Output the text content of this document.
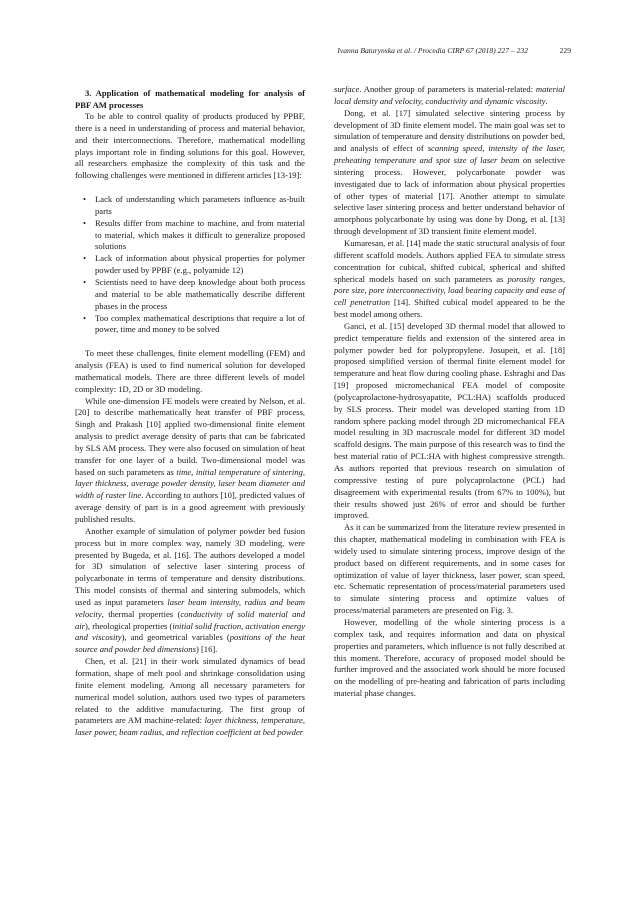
Ivanna Baturynska et al. / Procedia CIRP 67 (2018) 227 – 232	229

3. Application of mathematical modeling for analysis of PBF AM processes

To be able to control quality of products produced by PPBF, there is a need in understanding of process and material behavior, and their interconnections. Therefore, mathematical modelling plays important role in finding solutions for this goal. However, all researchers emphasize the complexity of this task and the following challenges were mentioned in different articles [13-19]:

• Lack of understanding which parameters influence as-built parts
• Results differ from machine to machine, and from material to material, which makes it difficult to generalize proposed solutions
• Lack of information about physical properties for polymer powder used by PPBF (e.g., polyamide 12)
• Scientists need to have deep knowledge about both process and material to be able mathematically describe different phases in the process
• Too complex mathematical descriptions that require a lot of power, time and money to be solved

To meet these challenges, finite element modelling (FEM) and analysis (FEA) is used to find numerical solution for developed mathematical models. There are three different levels of model complexity: 1D, 2D or 3D modeling.

While one-dimension FE models were created by Nelson, et al. [20] to describe mathematically heat transfer of PBF process, Singh and Prakash [10] applied two-dimensional finite element analysis to predict average density of parts that can be fabricated by SLS AM process. They were also focused on simulation of heat transfer for one layer of a build. Two-dimensional model was based on such parameters as time, initial temperature of sintering, layer thickness, average powder density, laser beam diameter and width of raster line. According to authors [10], predicted values of average density of part is in a good agreement with previously published results.

Another example of simulation of polymer powder bed fusion process but in more complex way, namely 3D modeling, were presented by Bugeda, et al. [16]. The authors developed a model for 3D simulation of selective laser sintering process of polycarbonate in terms of temperature and density distributions. This model consists of thermal and sintering submodels, which used as input parameters laser beam intensity, radius and beam velocity, thermal properties (conductivity of solid material and air), rheological properties (initial solid fraction, activation energy and viscosity), and geometrical variables (positions of the heat source and powder bed dimensions) [16].

Chen, et al. [21] in their work simulated dynamics of bead formation, shape of melt pool and shrinkage consolidation using finite element modeling. Among all necessary parameters for numerical model solution, authors used two types of parameters related to the additive manufacturing. The first group of parameters are AM machine-related: layer thickness, temperature, laser power, beam radius, and reflection coefficient at bed powder

surface. Another group of parameters is material-related: material local density and velocity, conductivity and dynamic viscosity.

Dong, et al. [17] simulated selective sintering process by development of 3D finite element model. The main goal was set to simulation of temperature and density distributions on powder bed, and analysis of effect of scanning speed, intensity of the laser, preheating temperature and spot size of laser beam on selective sintering process. However, polycarbonate powder was investigated due to lack of information about physical properties of other types of material [17]. Another attempt to simulate selective laser sintering process and better understand behavior of amorphous polycarbonate by using was done by Dong, et al. [13] through development of 3D transient finite element model.

Kumaresan, et al. [14] made the static structural analysis of four different scaffold models. Authors applied FEA to simulate stress concentration for cubical, shifted cubical, spherical and shifted spherical models based on such parameters as porosity ranges, pore size, pore interconnectivity, load bearing capacity and ease of cell penetration [14]. Shifted cubical model appeared to be the best model among others.

Ganci, et al. [15] developed 3D thermal model that allowed to predict temperature fields and extension of the sintered area in polymer powder bed for polypropylene. Josupeit, et al. [18] proposed simplified version of thermal finite element model for temperature and heat flow during cooling phase. Eshraghi and Das [19] proposed micromechanical FEA model of composite (polycaprolactone-hydrosyapatite, PCL:HA) scaffolds produced by SLS process. Their model was developed starting from 1D random sphere packing model through 2D micromechanical FEA model resulting in 3D macroscale model for different 3D model scaffold designs. The main purpose of this research was to find the best material ratio of PCL:HA with highest compressive strength. As authors reported that previous research on simulation of compressive testing of pure polycaprolactone (PCL) had disagreement with experimental results (from 67% to 100%), but their results showed just 26% of error and should be further improved.

As it can be summarized from the literature review presented in this chapter, mathematical modeling in combination with FEA is widely used to simulate sintering process, improve design of the product based on different requirements, and in some cases for optimization of value of layer thickness, laser power, scan speed, etc. Schematic representation of process/material parameters used to simulate sintering process and optimize values of process/material parameters are presented on Fig. 3.

However, modelling of the whole sintering process is a complex task, and requires information and data on physical properties and parameters, which influence is not fully described at this moment. Therefore, accuracy of proposed model should be further improved and the associated work should be more focused on the modelling of pre-heating and fabrication of parts including material phase changes.
